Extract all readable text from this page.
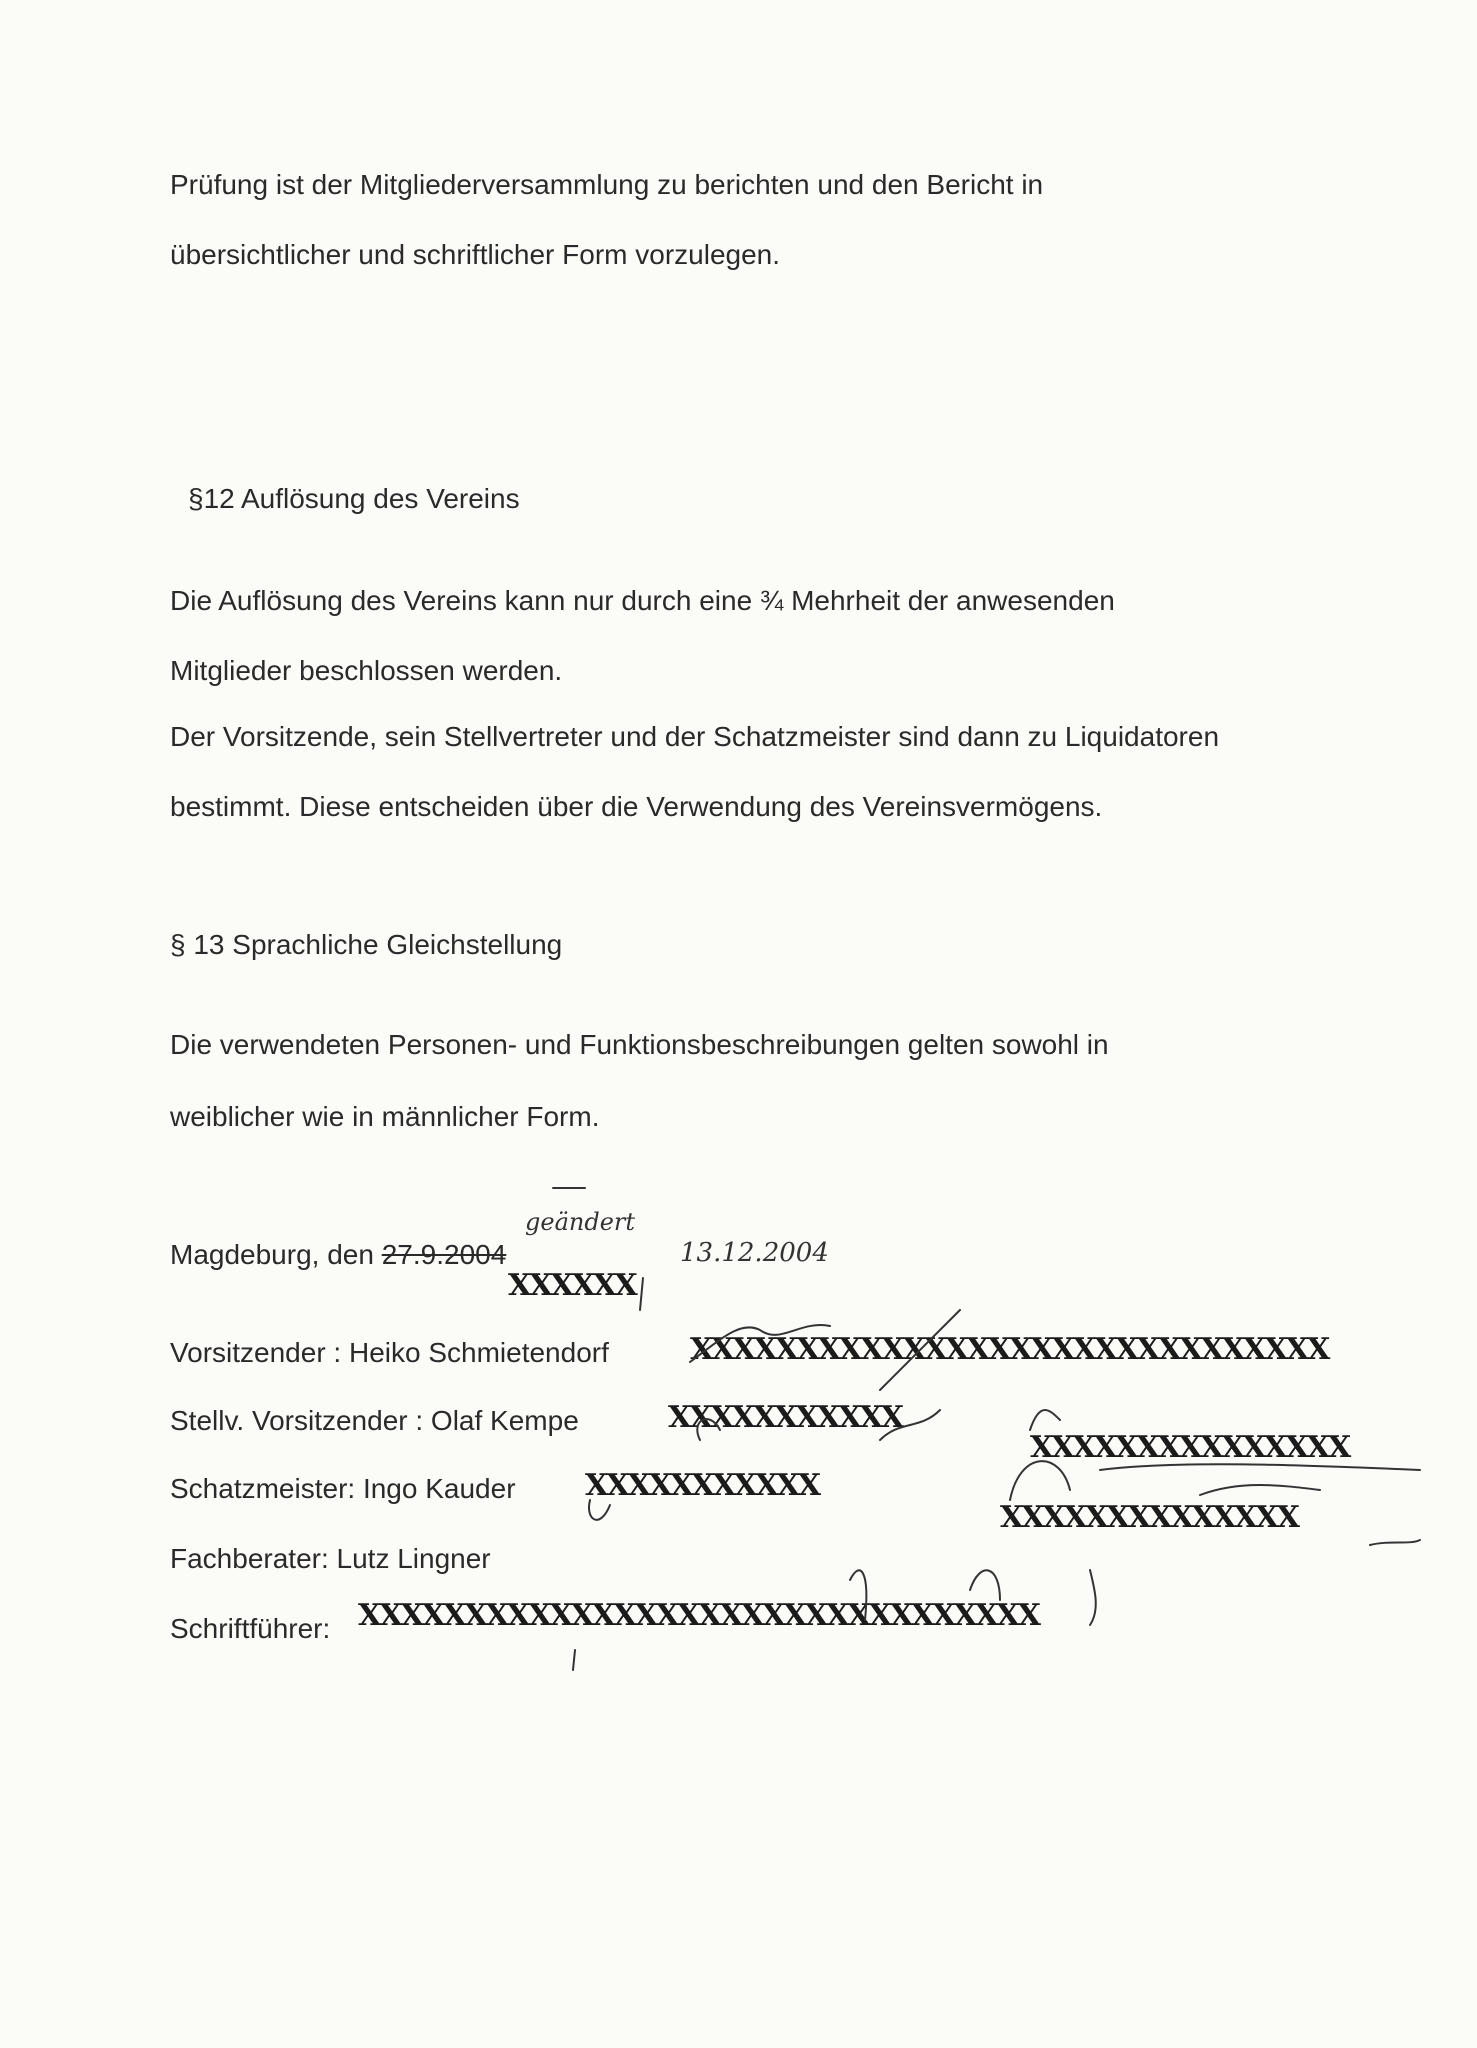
Prüfung ist der Mitgliederversammlung zu berichten und den Bericht in
übersichtlicher und schriftlicher Form vorzulegen.
§12 Auflösung des Vereins
Die Auflösung des Vereins kann nur durch eine ¾ Mehrheit der anwesenden
Mitglieder beschlossen werden.
Der Vorsitzende, sein Stellvertreter und der Schatzmeister sind dann zu Liquidatoren
bestimmt. Diese entscheiden über die Verwendung des Vereinsvermögens.
§ 13 Sprachliche Gleichstellung
Die verwendeten Personen- und Funktionsbeschreibungen gelten sowohl in
weiblicher wie in männlicher Form.
Magdeburg, den 27.9.2004
geändert
13.12.2004
XXXXXX
Vorsitzender : Heiko Schmietendorf	XXXXXXXXXXXXXXXXXXXXXXXXXXXXXX
Stellv. Vorsitzender : Olaf Kempe	XXXXXXXXXXX
Schatzmeister: Ingo Kauder XXXXXXXXXXX
Fachberater: Lutz Lingner
Schriftführer: XXXXXXXXXXXXXXXXXXXXXXXXXXXXXXXX
XXXXXXXXXXXXXXX
XXXXXXXXXXXXXX
